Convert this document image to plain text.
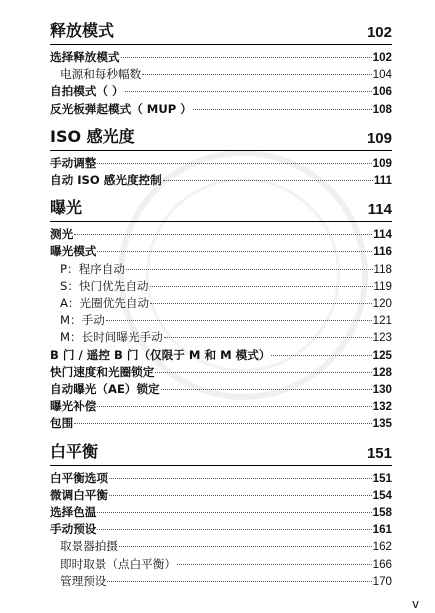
释放模式	102
选择释放模式	102
电源和每秒幅数	104
自拍模式（ ）	106
反光板弹起模式（ MUP ）	108
ISO 感光度	109
手动调整	109
自动 ISO 感光度控制	111
曝光	114
测光	114
曝光模式	116
P：程序自动	118
S：快门优先自动	119
A：光圈优先自动	120
M：手动	121
M：长时间曝光手动	123
B 门 / 遥控 B 门（仅限于 M 和 M 模式）	125
快门速度和光圈锁定	128
自动曝光（AE）锁定	130
曝光补偿	132
包围	135
白平衡	151
白平衡选项	151
微调白平衡	154
选择色温	158
手动预设	161
取景器拍摄	162
即时取景（点白平衡）	166
管理预设	170
v
